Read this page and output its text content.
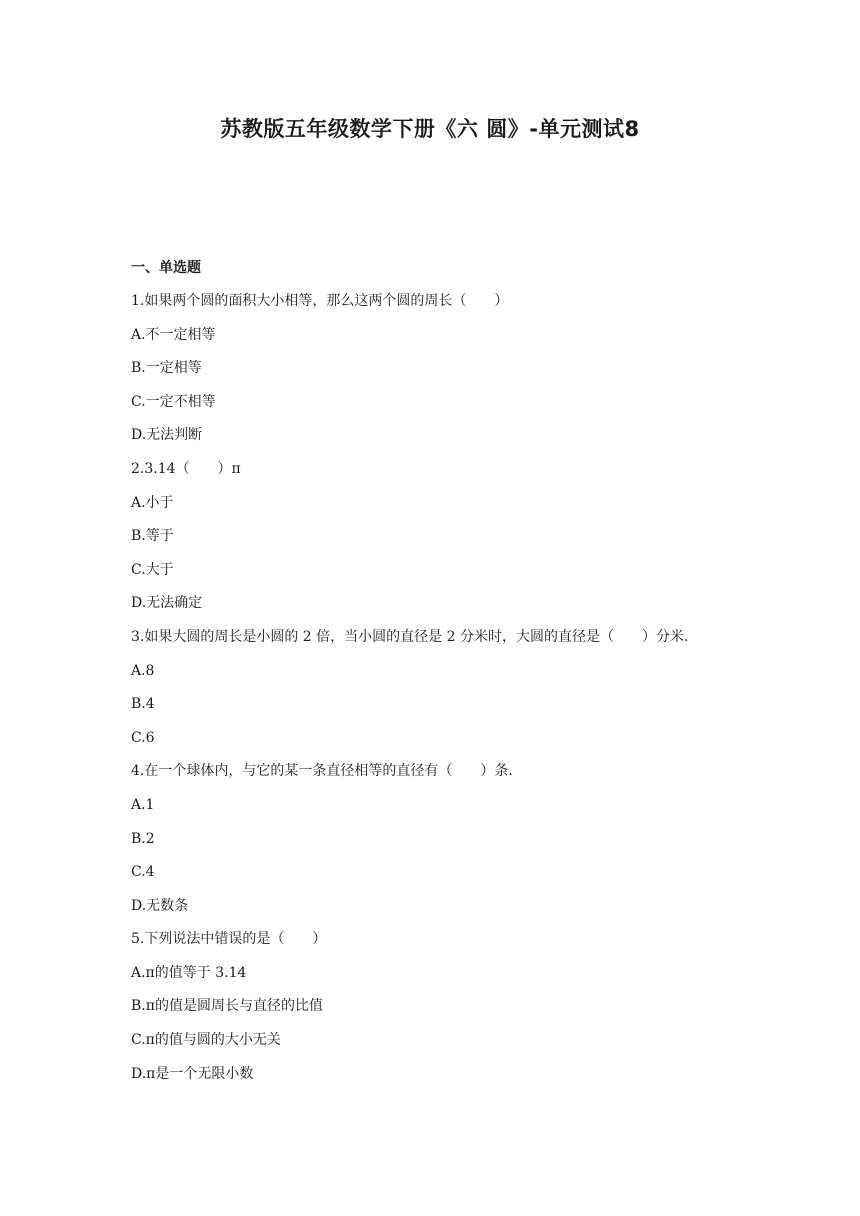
苏教版五年级数学下册《六 圆》-单元测试8
一、单选题
1.如果两个圆的面积大小相等，那么这两个圆的周长（　　）
A.不一定相等
B.一定相等
C.一定不相等
D.无法判断
2.3.14（　　）π
A.小于
B.等于
C.大于
D.无法确定
3.如果大圆的周长是小圆的 2 倍，当小圆的直径是 2 分米时，大圆的直径是（　　）分米.
A.8
B.4
C.6
4.在一个球体内，与它的某一条直径相等的直径有（　　）条.
A.1
B.2
C.4
D.无数条
5.下列说法中错误的是（　　）
A.π的值等于 3.14
B.π的值是圆周长与直径的比值
C.π的值与圆的大小无关
D.π是一个无限小数
